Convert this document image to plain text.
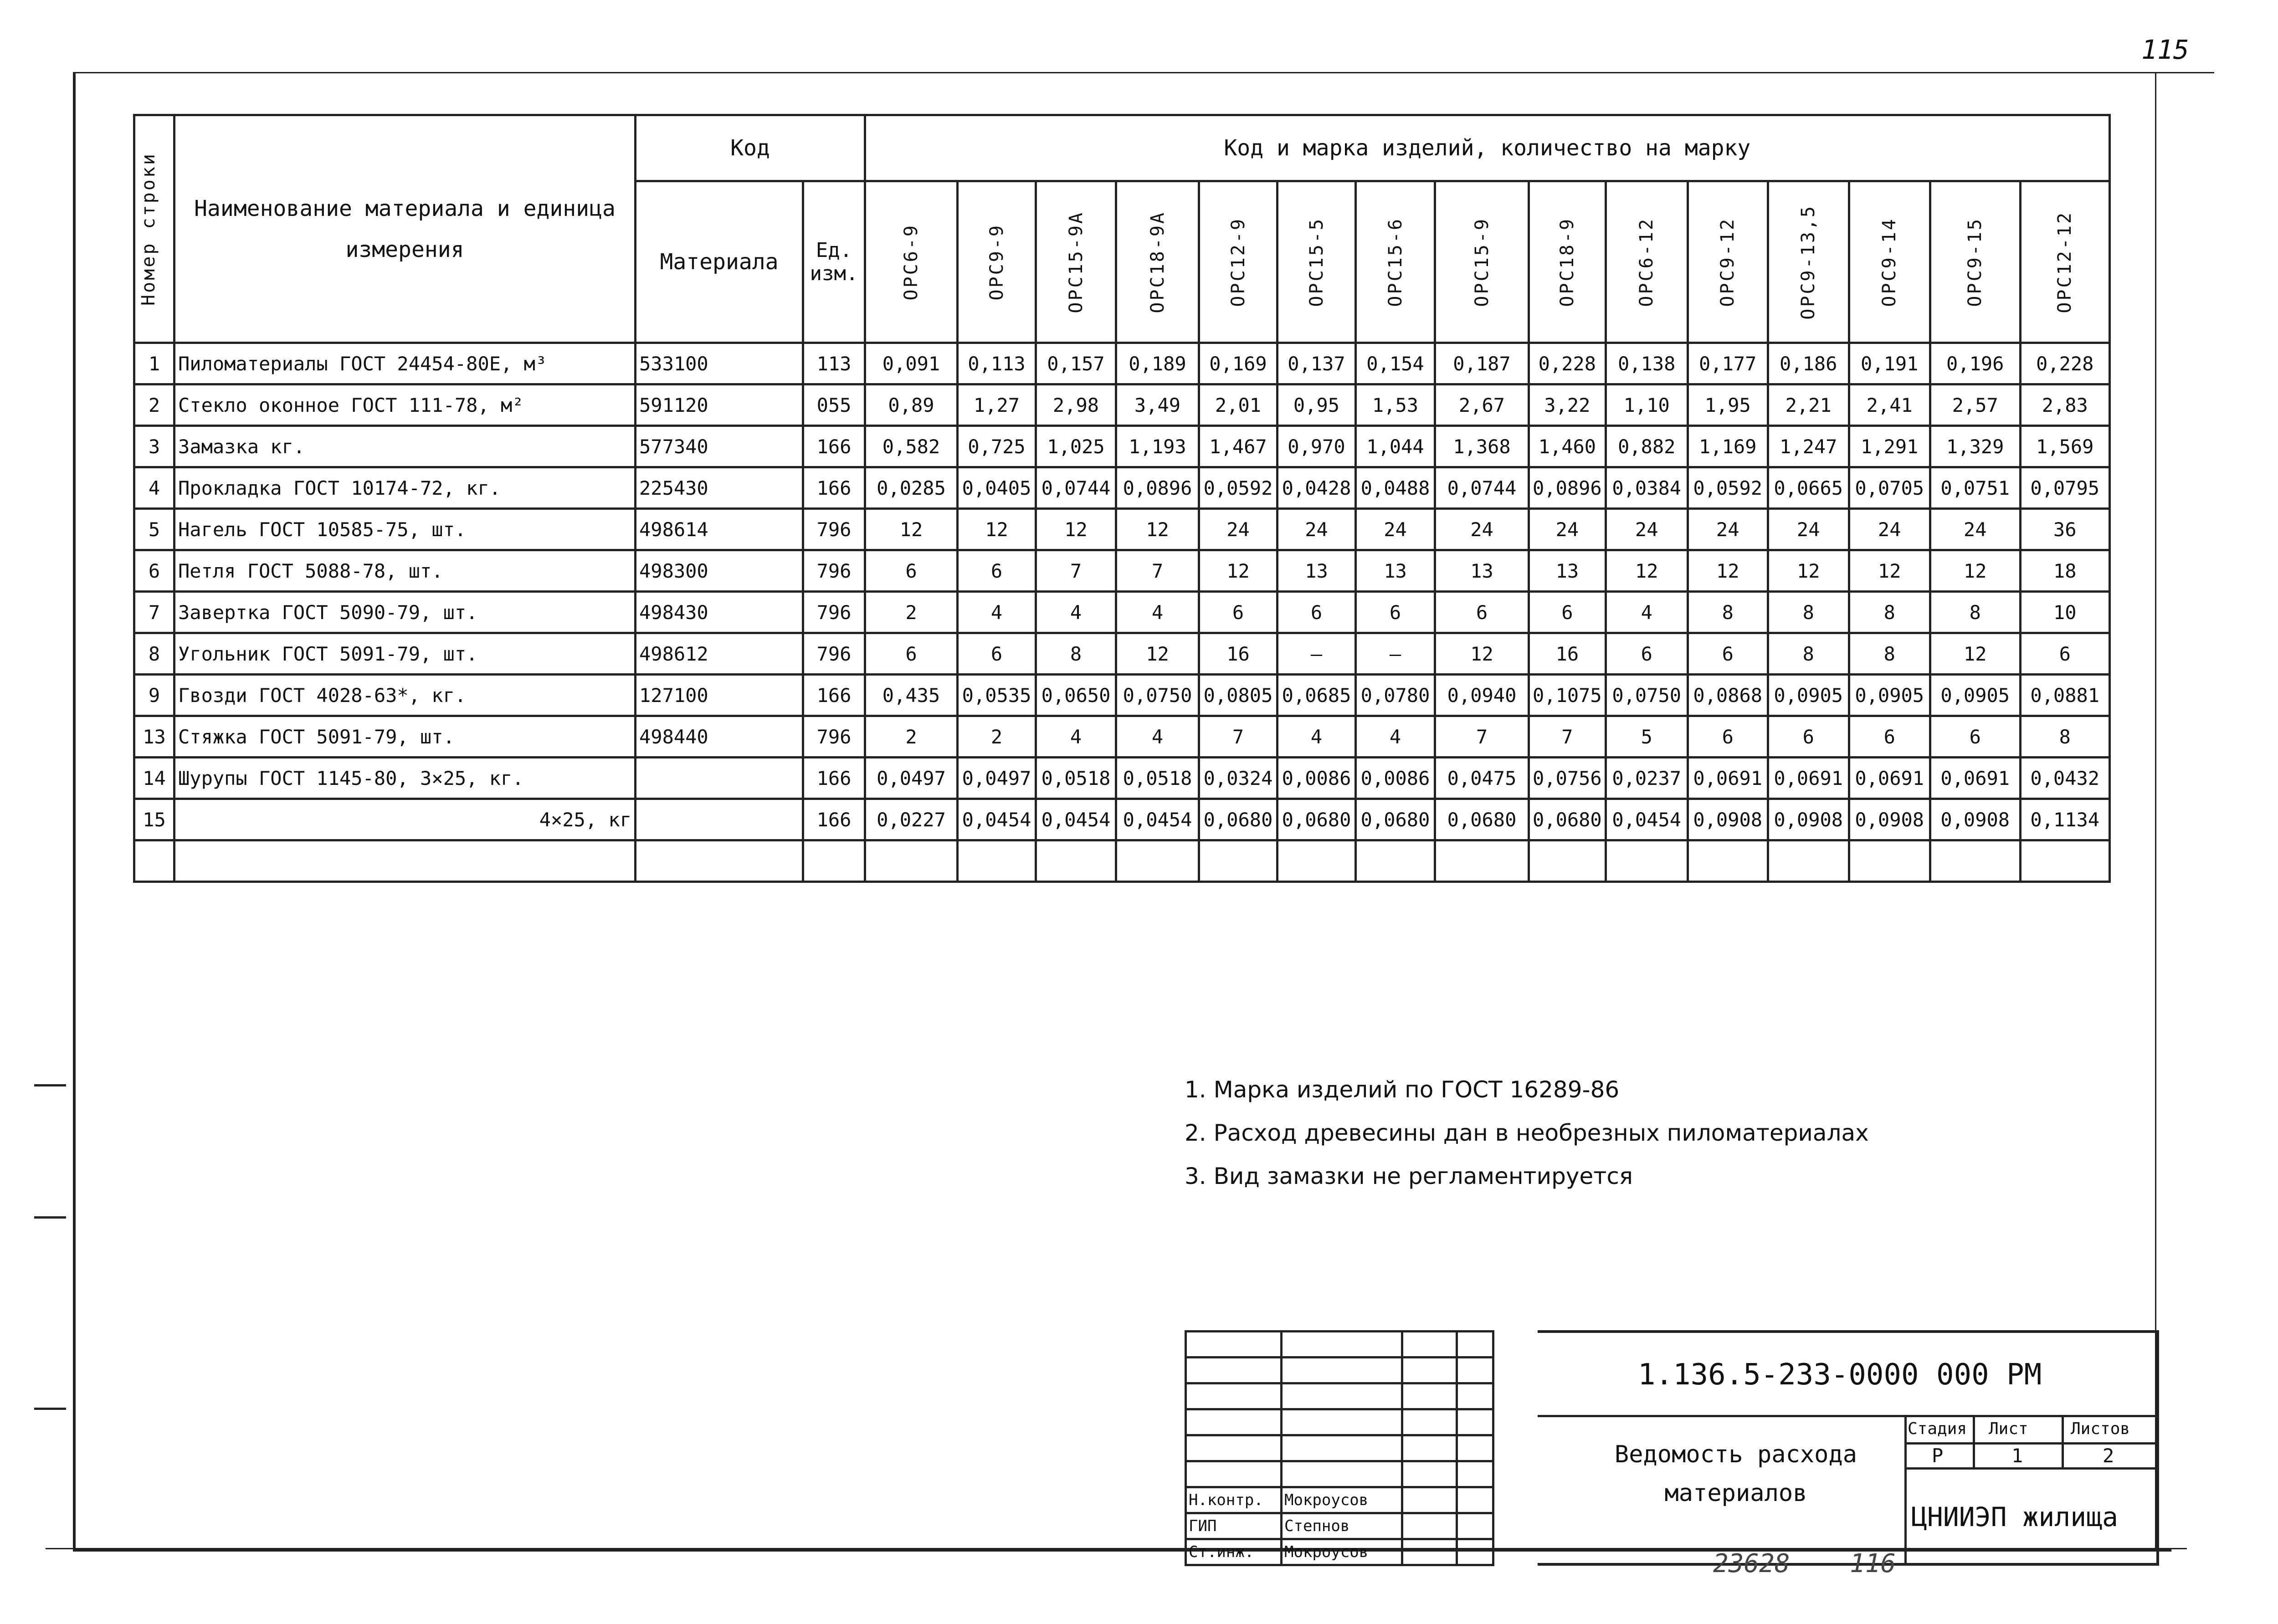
115
Номер строки	Наименование материала и единица измерения	Код		Код и марка изделий, количество на марку														
		Материала	Ед. изм.	ОРС6-9	ОРС9-9	ОРС15-9А	ОРС18-9А	ОРС12-9	ОРС15-5	ОРС15-6	ОРС15-9	ОРС18-9	ОРС6-12	ОРС9-12	ОРС9-13,5	ОРС9-14	ОРС9-15	ОРС12-12

1	Пиломатериалы ГОСТ 24454-80Е, м³	533100	113	0,091	0,113	0,157	0,189	0,169	0,137	0,154	0,187	0,228	0,138	0,177	0,186	0,191	0,196	0,228
2	Стекло оконное ГОСТ 111-78, м²	591120	055	0,89	1,27	2,98	3,49	2,01	0,95	1,53	2,67	3,22	1,10	1,95	2,21	2,41	2,57	2,83
3	Замазка кг.	577340	166	0,582	0,725	1,025	1,193	1,467	0,970	1,044	1,368	1,460	0,882	1,169	1,247	1,291	1,329	1,569
4	Прокладка ГОСТ 10174-72, кг.	225430	166	0,0285	0,0405	0,0744	0,0896	0,0592	0,0428	0,0488	0,0744	0,0896	0,0384	0,0592	0,0665	0,0705	0,0751	0,0795
5	Нагель ГОСТ 10585-75, шт.	498614	796	12	12	12	12	24	24	24	24	24	24	24	24	24	24	36
6	Петля ГОСТ 5088-78, шт.	498300	796	6	6	7	7	12	13	13	13	13	12	12	12	12	12	18
7	Завертка ГОСТ 5090-79, шт.	498430	796	2	4	4	4	6	6	6	6	6	4	8	8	8	8	10
8	Угольник ГОСТ 5091-79, шт.	498612	796	6	6	8	12	16	—	—	12	16	6	6	8	8	12	6
9	Гвозди ГОСТ 4028-63*, кг.	127100	166	0,435	0,0535	0,0650	0,0750	0,0805	0,0685	0,0780	0,0940	0,1075	0,0750	0,0868	0,0905	0,0905	0,0905	0,0881
13	Стяжка ГОСТ 5091-79, шт.	498440	796	2	2	4	4	7	4	4	7	7	5	6	6	6	6	8
14	Шурупы ГОСТ 1145-80, 3×25, кг.		166	0,0497	0,0497	0,0518	0,0518	0,0324	0,0086	0,0086	0,0475	0,0756	0,0237	0,0691	0,0691	0,0691	0,0691	0,0432
15	4×25, кг		166	0,0227	0,0454	0,0454	0,0454	0,0680	0,0680	0,0680	0,0680	0,0680	0,0454	0,0908	0,0908	0,0908	0,0908	0,1134

1. Марка изделий по ГОСТ 16289-86
2. Расход древесины дан в необрезных пиломатериалах
3. Вид замазки не регламентируется

Н.контр.	Мокроусов		
ГИП	Степнов		
Ст.инж.	Мокроусов		
1.136.5-233-0000 000 РМ
Ведомость расхода материалов
Стадия Лист	Листов
Р	1	2
ЦНИИЭП жилища
23628 116
